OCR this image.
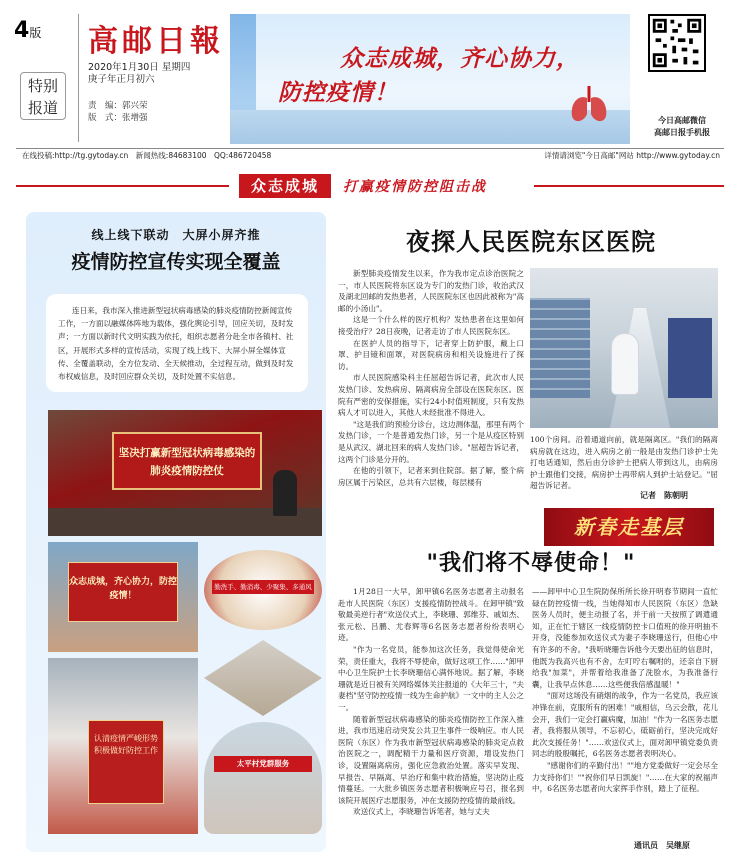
4版
特别
报道
高邮日報
2020年1月30日 星期四
庚子年正月初六
责　编：郭兴荣
版　式：张增强
众志成城，齐心协力，
防控疫情！
今日高邮微信
高邮日报手机报
在线投稿:http://tg.gytoday.cn　新闻热线:84683100　QQ:486720458	详情请浏览"今日高邮"网站 http://www.gytoday.cn
众志成城	打赢疫情防控阻击战
线上线下联动　大屏小屏齐推
疫情防控宣传实现全覆盖
连日来，我市深入推进新型冠状病毒感染的肺炎疫情防控新闻宣传工作，一方面以融媒体阵地为载体，强化舆论引导，回应关切，及时发声；一方面以新时代文明实践为依托，组织志愿者分赴全市各镇村、社区，开展形式多样的宣传活动，实现了线上线下、大屏小屏全媒体宣传、全覆盖联动，全方位发动、全天候推动，全过程互动，做到及时发布权威信息，及时回应群众关切，及时处置不实信息。
坚决打赢新型冠状病毒感染的肺炎疫情防控仗
众志成城，齐心协力，防控疫情！
勤洗手、勤消毒、少聚集、多通风
认清疫情严峻形势 积极做好防控工作
太平村党群服务
夜探人民医院东区医院

新型肺炎疫情发生以来，作为我市定点诊治医院之一，市人民医院将东区设为专门的发热门诊，收治武汉及湖北回邮的发热患者，人民医院东区也因此被称为"高邮的小汤山"。

这是一个什么样的医疗机构？发热患者在这里如何接受治疗？28日夜晚，记者走访了市人民医院东区。

在医护人员的指导下，记者穿上防护服，戴上口罩、护目镜和面罩，对医院病房和相关设施进行了探访。

市人民医院感染科主任屈超告诉记者，此次市人民发热门诊、发热病房、隔离病房全部设在医院东区。医院有严密的安保措施，实行24小时值班制度，只有发热病人才可以进入，其他人未经批准不得进入。

"这是我们的预检分诊台，这边测体温，那里有两个发热门诊，一个是普通发热门诊，另一个是从疫区特别是从武汉、湖北回来的病人发热门诊。"屈超告诉记者，这两个门诊是分开的。

在他的引领下，记者来到住院部。据了解，整个病房区属于污染区，总共有六层楼，每层楼有

100个房间。沿着通道向前，就是隔离区。"我们的隔离病房就在这边，进入病房之前一般是由发热门诊护士先打电话通知，然后由分诊护士把病人带到这儿，由病房护士跟他们交接，病房护士再带病人到护士站登记。"屈超告诉记者。

记者　陈朝明
新春走基层
"我们将不辱使命！"

1月28日一大早，卸甲镇6名医务志愿者主动报名赴市人民医院（东区）支援疫情防控战斗。在卸甲镇"致敬最美逆行者"欢送仪式上，李晓珊、郭维芬、戚如杰、张元松、吕鹏、尤春辉等6名医务志愿者纷纷表明心迹。

"作为一名党员，能参加这次任务，我觉得使命光荣，责任重大，我将不辱使命，做好这项工作……"卸甲中心卫生院护士长李晓珊信心满怀地说。据了解，李晓珊就是近日被有关网络媒体关注报道的《大年三十，"夫妻档"坚守防控疫情一线为生命护航》一文中的主人公之一。

随着新型冠状病毒感染的肺炎疫情防控工作深入推进，我市迅速启动突发公共卫生事件一级响应。市人民医院（东区）作为我市新型冠状病毒感染的肺炎定点救治医院之一，调配精干力量和医疗资源，增设发热门诊，设置隔离病房，强化应急救治处置。落实早发现、早报告、早隔离、早治疗和集中救治措施，坚决防止疫情蔓延。一大批乡镇医务志愿者积极响应号召，报名到该院开展医疗志愿服务，冲在支援防控疫情的最前线。

欢送仪式上，李晓珊告诉笔者，她与丈夫

——卸甲中心卫生院防保所所长徐开明春节期间一直忙碌在防控疫情一线，当她得知市人民医院（东区）急缺医务人员时，便主动报了名，并于前一天按照了调遣通知，正在忙于辖区一线疫情防控卡口值班的徐开明抽不开身，没能参加欢送仪式为妻子李晓珊送行，但他心中有许多的不舍。"我听晓珊告诉他今天要出征的信息时，他既为我高兴也有不舍，左叮咛右嘱咐的，还亲自下厨给我"加菜"，并帮着给我准备了洗脸水，为我准备行囊，让我早点休息……这些便我倍感温暖！"

"面对这场没有硝烟的战争，作为一名党员，我应该冲锋在前，克服所有的困难！"戚相信，乌云会散，花儿会开，我们一定会打赢病魔，加油！"作为一名医务志愿者，我将服从领导，不忘初心，砥砺前行，坚决完成好此次支援任务！"……欢送仪式上，面对卸甲镇党委负责同志的殷殷嘱托，6名医务志愿者表明决心。

"感谢你们的辛勤付出！""地方党委做好一定会尽全力支持你们！""祝你们早日凯旋！"……在大家的祝福声中，6名医务志愿者向大家挥手作别，踏上了征程。

通讯员　吴继原
